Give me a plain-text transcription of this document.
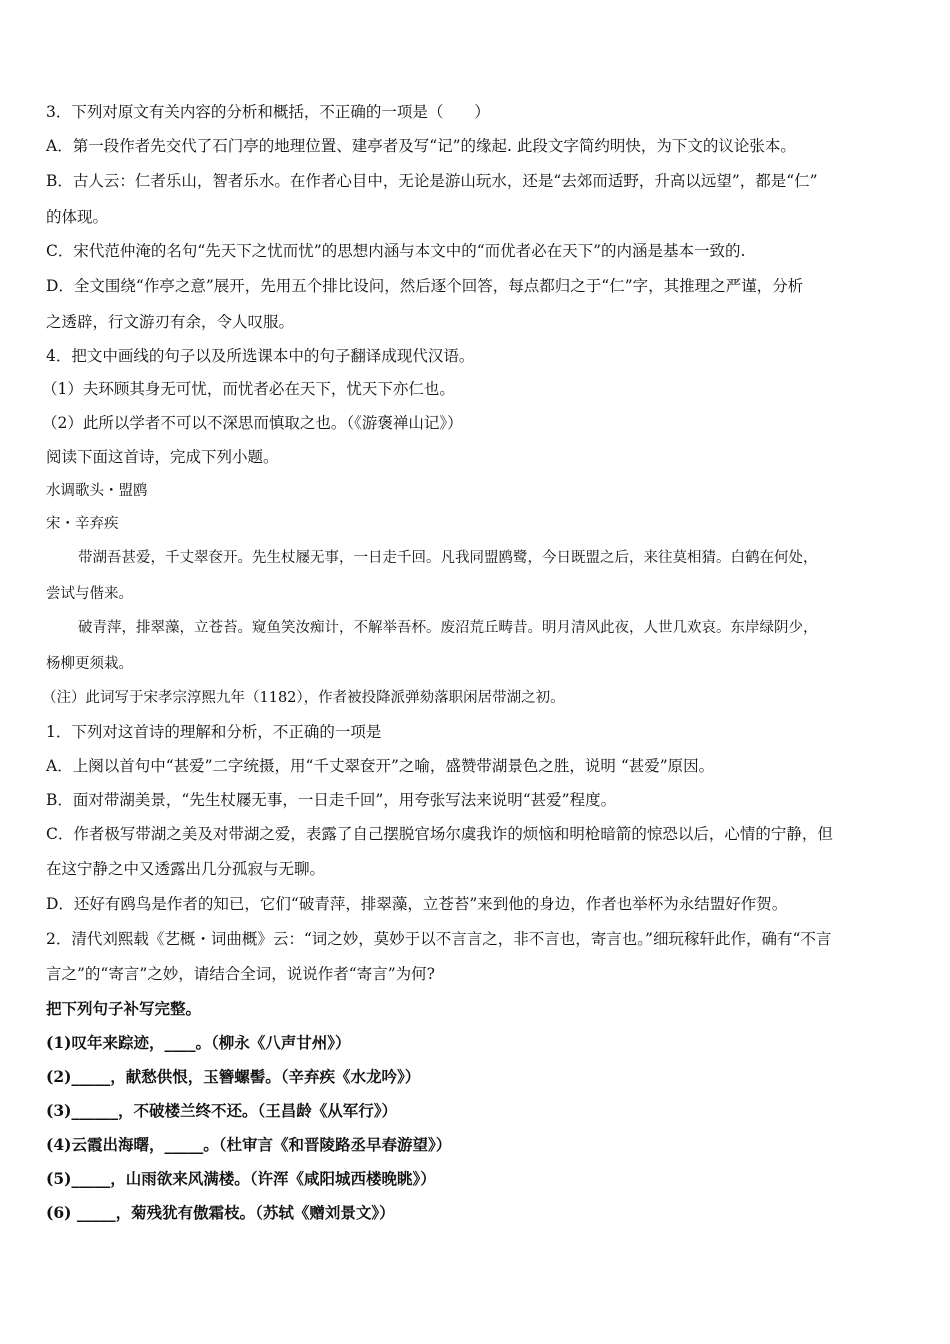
3．下列对原文有关内容的分析和概括，不正确的一项是（　　）
A．第一段作者先交代了石门亭的地理位置、建亭者及写“记”的缘起. 此段文字简约明快，为下文的议论张本。
B．古人云：仁者乐山，智者乐水。在作者心目中，无论是游山玩水，还是“去郊而适野，升高以远望”，都是“仁”
的体现。
C．宋代范仲淹的名句“先天下之忧而忧”的思想内涵与本文中的“而优者必在天下”的内涵是基本一致的.
D．全文围绕“作亭之意”展开，先用五个排比设问，然后逐个回答，每点都归之于“仁”字，其推理之严谨，分析
之透辟，行文游刃有余，令人叹服。
4．把文中画线的句子以及所选课本中的句子翻译成现代汉语。
（1）夫环顾其身无可忧，而忧者必在天下，忧天下亦仁也。
（2）此所以学者不可以不深思而慎取之也。（《游褒禅山记》）
阅读下面这首诗，完成下列小题。
水调歌头・盟鸥
宋・辛弃疾
带湖吾甚爱，千丈翠奁开。先生杖屦无事，一日走千回。凡我同盟鸥鹭，今日既盟之后，来往莫相猜。白鹤在何处，
尝试与偕来。
破青萍，排翠藻，立苍苔。窥鱼笑汝痴计，不解举吾杯。废沼荒丘畴昔。明月清风此夜，人世几欢哀。东岸绿阴少，
杨柳更须栽。
（注）此词写于宋孝宗淳熙九年（1182），作者被投降派弹劾落职闲居带湖之初。
1．下列对这首诗的理解和分析，不正确的一项是
A．上阕以首句中“甚爱”二字统摄，用“千丈翠奁开”之喻，盛赞带湖景色之胜，说明 “甚爱”原因。
B．面对带湖美景，“先生杖屦无事，一日走千回”，用夸张写法来说明“甚爱”程度。
C．作者极写带湖之美及对带湖之爱，表露了自己摆脱官场尔虞我诈的烦恼和明枪暗箭的惊恐以后，心情的宁静，但
在这宁静之中又透露出几分孤寂与无聊。
D．还好有鸥鸟是作者的知已，它们“破青萍，排翠藻，立苍苔”来到他的身边，作者也举杯为永结盟好作贺。
2．清代刘熙载《艺概・词曲概》云：“词之妙，莫妙于以不言言之，非不言也，寄言也。”细玩稼轩此作，确有“不言
言之”的“寄言”之妙，请结合全词，说说作者“寄言”为何?
把下列句子补写完整。
(1)叹年来踪迹，____。（柳永《八声甘州》）
(2)_____，献愁供恨，玉簪螺髻。（辛弃疾《水龙吟》）
(3)______，不破楼兰终不还。（王昌龄《从军行》）
(4)云霞出海曙，_____。（杜审言《和晋陵路丞早春游望》）
(5)_____，山雨欲来风满楼。（许浑《咸阳城西楼晚眺》）
(6) _____，菊残犹有傲霜枝。（苏轼《赠刘景文》）
